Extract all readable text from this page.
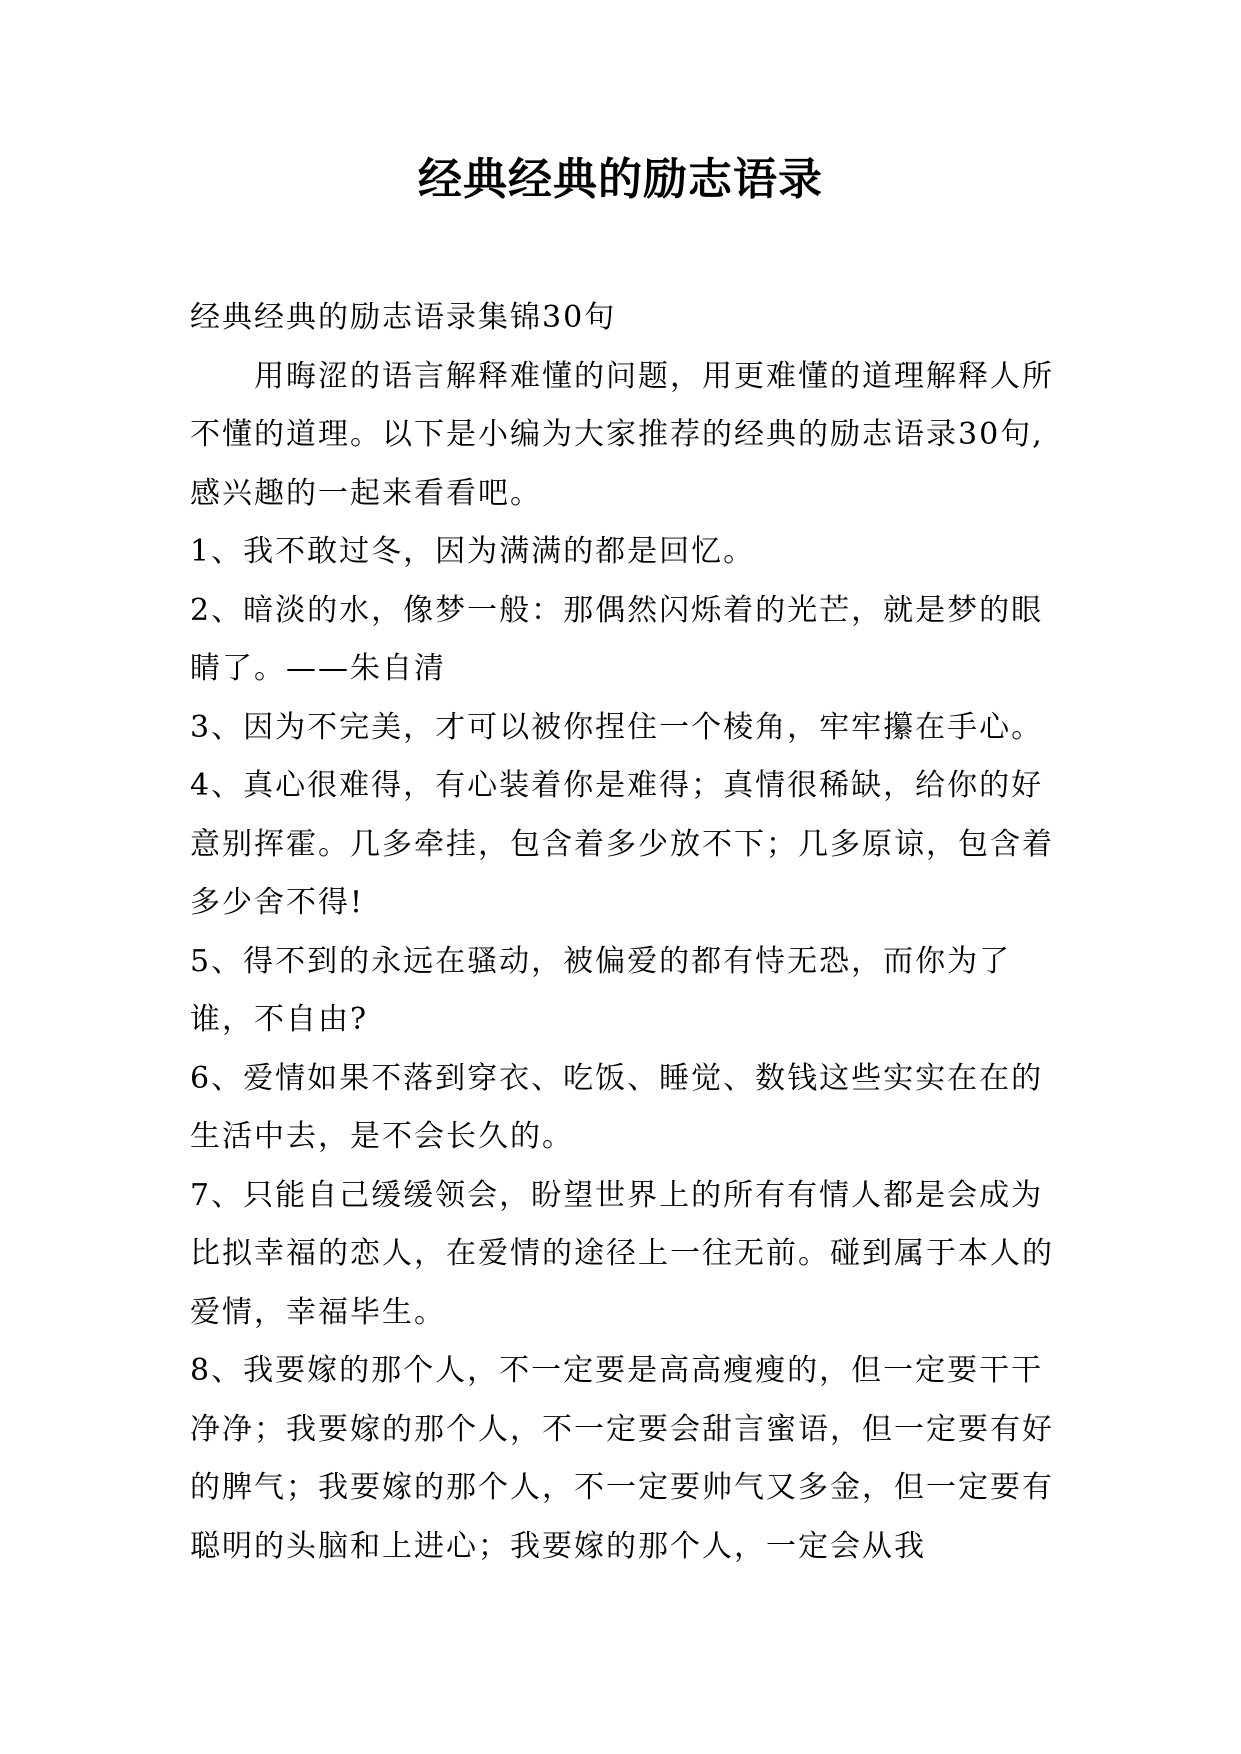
经典经典的励志语录

经典经典的励志语录集锦30句

用晦涩的语言解释难懂的问题，用更难懂的道理解释人所不懂的道理。以下是小编为大家推荐的经典的励志语录30句,感兴趣的一起来看看吧。

1、我不敢过冬，因为满满的都是回忆。

2、暗淡的水，像梦一般：那偶然闪烁着的光芒，就是梦的眼睛了。——朱自清

3、因为不完美，才可以被你捏住一个棱角，牢牢攥在手心。

4、真心很难得，有心装着你是难得；真情很稀缺，给你的好意别挥霍。几多牵挂，包含着多少放不下；几多原谅，包含着多少舍不得!

5、得不到的永远在骚动，被偏爱的都有恃无恐，而你为了谁，不自由?

6、爱情如果不落到穿衣、吃饭、睡觉、数钱这些实实在在的生活中去，是不会长久的。

7、只能自己缓缓领会，盼望世界上的所有有情人都是会成为比拟幸福的恋人，在爱情的途径上一往无前。碰到属于本人的爱情，幸福毕生。

8、我要嫁的那个人，不一定要是高高瘦瘦的，但一定要干干净净；我要嫁的那个人，不一定要会甜言蜜语，但一定要有好的脾气；我要嫁的那个人，不一定要帅气又多金，但一定要有聪明的头脑和上进心；我要嫁的那个人，一定会从我
